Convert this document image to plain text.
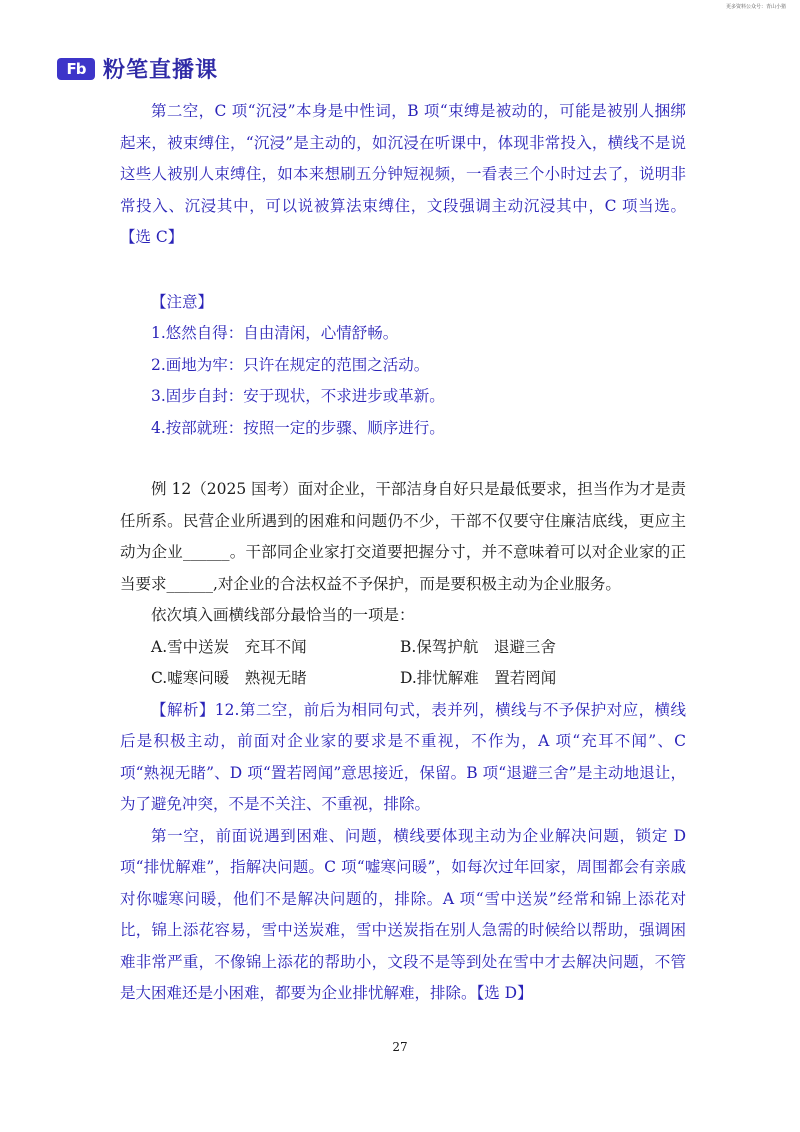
更多资料公众号：青山小猪
Fb 粉笔直播课

第二空，C 项“沉浸”本身是中性词，B 项“束缚是被动的，可能是被别人捆绑起来，被束缚住，“沉浸”是主动的，如沉浸在听课中，体现非常投入，横线不是说这些人被别人束缚住，如本来想刷五分钟短视频，一看表三个小时过去了，说明非常投入、沉浸其中，可以说被算法束缚住，文段强调主动沉浸其中，C 项当选。【选 C】

【注意】

1.悠然自得：自由清闲，心情舒畅。

2.画地为牢：只许在规定的范围之活动。

3.固步自封：安于现状，不求进步或革新。

4.按部就班：按照一定的步骤、顺序进行。

例 12（2025 国考）面对企业，干部洁身自好只是最低要求，担当作为才是责任所系。民营企业所遇到的困难和问题仍不少，干部不仅要守住廉洁底线，更应主动为企业______。干部同企业家打交道要把握分寸，并不意味着可以对企业家的正当要求______,对企业的合法权益不予保护，而是要积极主动为企业服务。

依次填入画横线部分最恰当的一项是：

A.雪中送炭　充耳不闻	B.保驾护航　退避三舍
C.嘘寒问暖　熟视无睹	D.排忧解难　置若罔闻

【解析】12.第二空，前后为相同句式，表并列，横线与不予保护对应，横线后是积极主动，前面对企业家的要求是不重视，不作为，A 项“充耳不闻”、C 项“熟视无睹”、D 项“置若罔闻”意思接近，保留。B 项“退避三舍”是主动地退让，为了避免冲突，不是不关注、不重视，排除。

第一空，前面说遇到困难、问题，横线要体现主动为企业解决问题，锁定 D 项“排忧解难”，指解决问题。C 项“嘘寒问暖”，如每次过年回家，周围都会有亲戚对你嘘寒问暖，他们不是解决问题的，排除。A 项“雪中送炭”经常和锦上添花对比，锦上添花容易，雪中送炭难，雪中送炭指在别人急需的时候给以帮助，强调困难非常严重，不像锦上添花的帮助小，文段不是等到处在雪中才去解决问题，不管是大困难还是小困难，都要为企业排忧解难，排除。【选 D】

27
